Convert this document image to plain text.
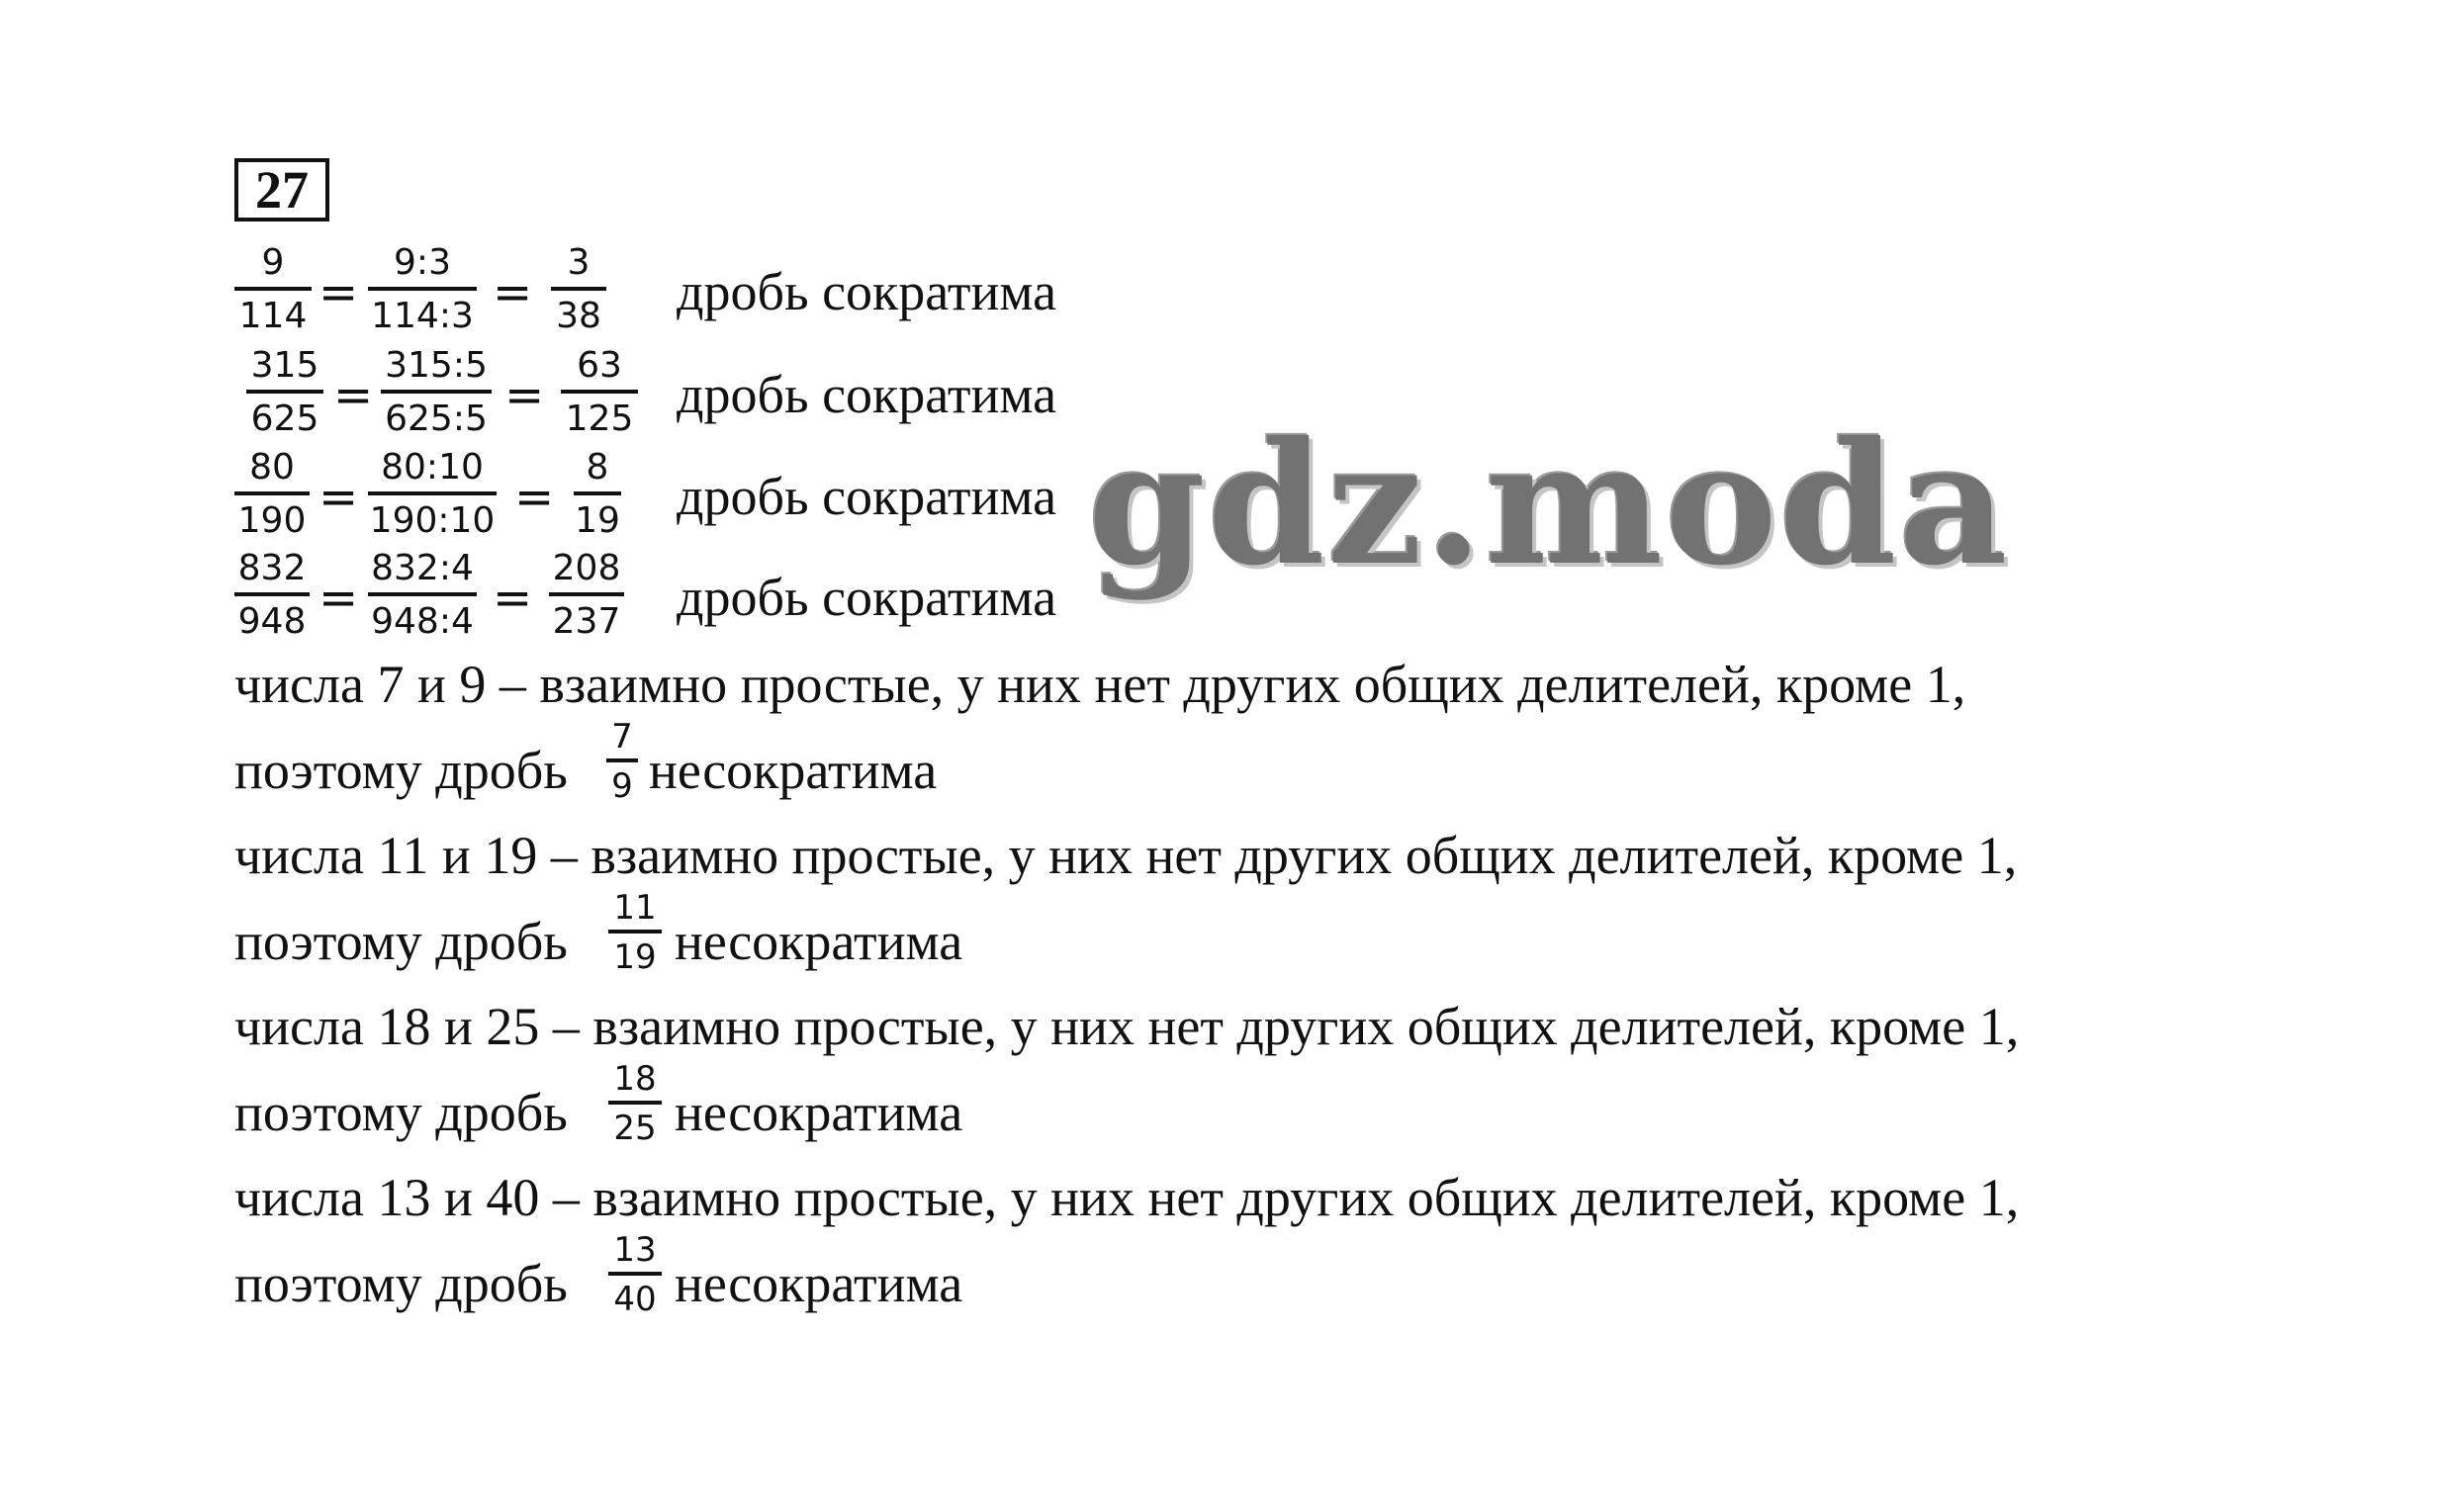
27
9
114 =
9:3
114:3 =
3
38 дробь сократима
315
625 =
315:5
625:5 =
63
125 дробь сократима
80
190 =
80:10
190:10 =
8
19 дробь сократима
832
948 =
832:4
948:4 =
208
237 дробь сократима
числа 7 и 9 – взаимно простые, у них нет других общих делителей, кроме 1,
поэтому дробь
7
9 несократима
числа 11 и 19 – взаимно простые, у них нет других общих делителей, кроме 1,
поэтому дробь
11
19 несократима
числа 18 и 25 – взаимно простые, у них нет других общих делителей, кроме 1,
поэтому дробь
18
25 несократима
числа 13 и 40 – взаимно простые, у них нет других общих делителей, кроме 1,
поэтому дробь
13
40 несократима
gdz.moda
